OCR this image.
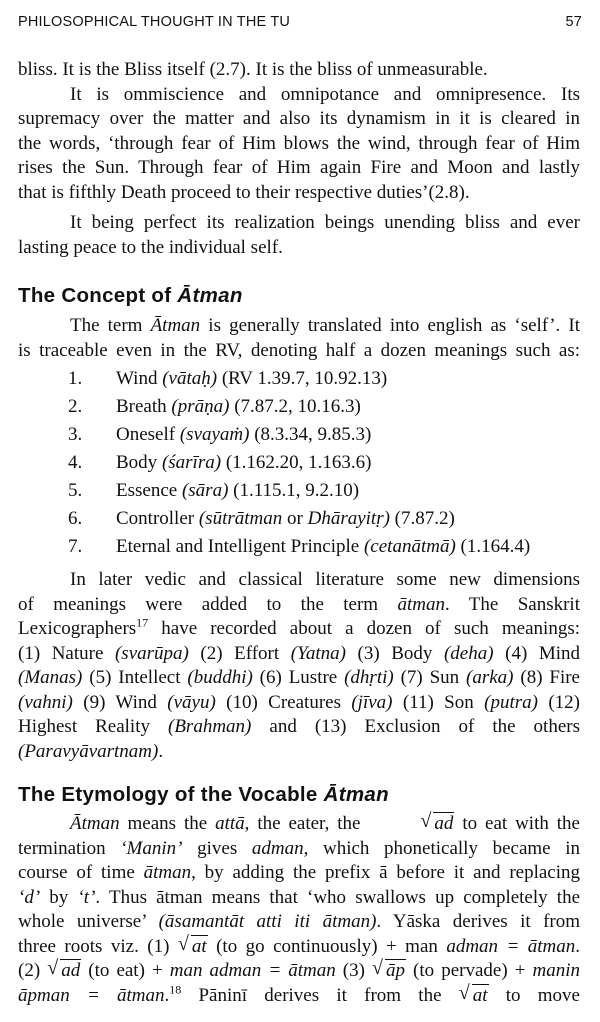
PHILOSOPHICAL THOUGHT IN THE TU	57
bliss. It is the Bliss itself (2.7). It is the bliss of unmeasurable.
It is ommiscience and omnipotance and omnipresence. Its
supremacy over the matter and also its dynamism in it is cleared in
the words, ‘through fear of Him blows the wind, through fear of Him
rises the Sun. Through fear of Him again Fire and Moon and lastly
that is fifthly Death proceed to their respective duties’(2.8).
It being perfect its realization beings unending bliss and ever
lasting peace to the individual self.
The Concept of Ātman
The term Ātman is generally translated into english as ‘self’. It
is traceable even in the RV, denoting half a dozen meanings such as:
1. Wind (vātaḥ) (RV 1.39.7, 10.92.13)
2. Breath (prāṇa) (7.87.2, 10.16.3)
3. Oneself (svayaṁ) (8.3.34, 9.85.3)
4. Body (śarīra) (1.162.20, 1.163.6)
5. Essence (sāra) (1.115.1, 9.2.10)
6. Controller (sūtrātman or Dhārayitṛ) (7.87.2)
7. Eternal and Intelligent Principle (cetanātmā) (1.164.4)
In later vedic and classical literature some new dimensions
of meanings were added to the term ātman. The Sanskrit
Lexicographers$^{17}$ have recorded about a dozen of such meanings:
(1) Nature (svarūpa) (2) Effort (Yatna) (3) Body (deha) (4) Mind
(Manas) (5) Intellect (buddhi) (6) Lustre (dhṛti) (7) Sun (arka) (8) Fire
(vahni) (9) Wind (vāyu) (10) Creatures (jīva) (11) Son (putra) (12)
Highest Reality (Brahman) and (13) Exclusion of the others
(Paravyāvartnam).
The Etymology of the Vocable Ātman
Ātman means the attā, the eater, the √	ad to eat with the
termination ‘Manin’ gives adman, which phonetically became in
course of time ātman, by adding the prefix ā before it and replacing
‘d’ by ‘t’. Thus ātman means that ‘who swallows up completely the
whole universe’ (āsamantāt atti iti ātman). Yāska derives it from
three roots viz. (1) √ at (to go continuously) + man adman = ātman.
(2) √ ad (to eat) + man adman = ātman (3) √ āp (to pervade) + manin
āpman = ātman.$^{18}$ Pāninī derives it from the √ at to move
